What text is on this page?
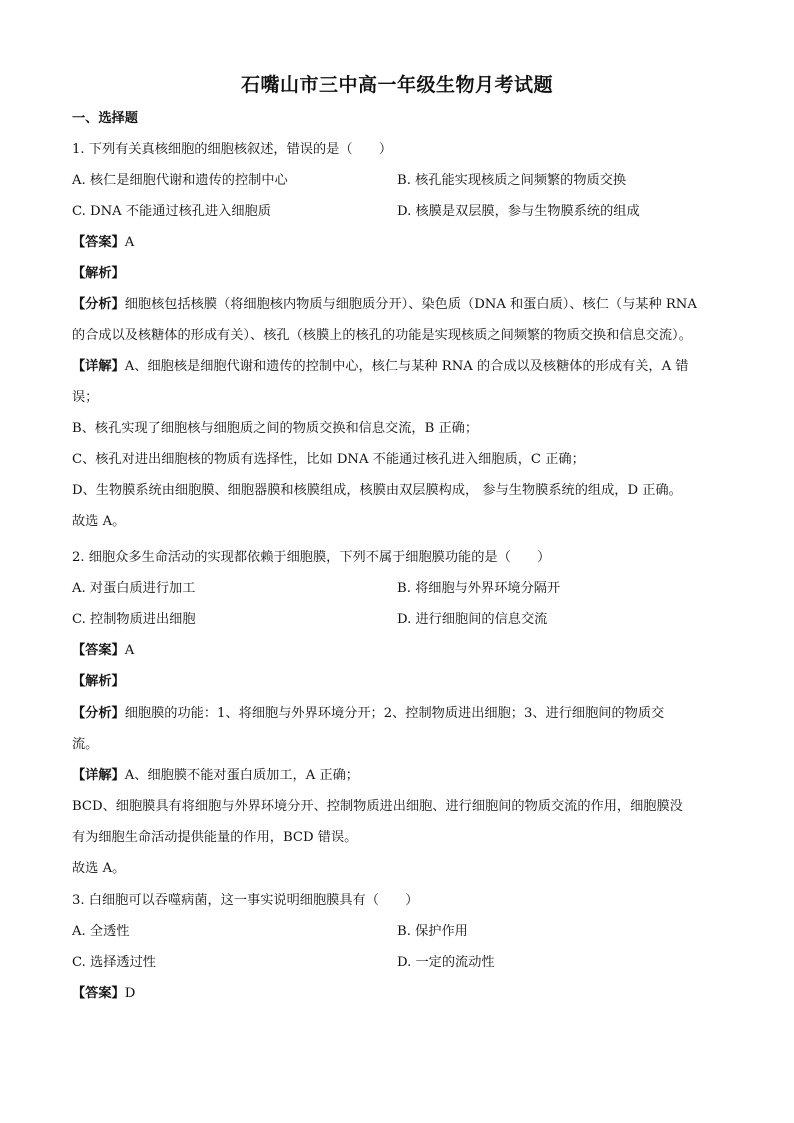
石嘴山市三中高一年级生物月考试题
一、选择题
1. 下列有关真核细胞的细胞核叙述，错误的是（　　）
A. 核仁是细胞代谢和遗传的控制中心	B. 核孔能实现核质之间频繁的物质交换
C. DNA 不能通过核孔进入细胞质	D. 核膜是双层膜，参与生物膜系统的组成
【答案】A
【解析】
【分析】细胞核包括核膜（将细胞核内物质与细胞质分开）、染色质（DNA 和蛋白质）、核仁（与某种 RNA
的合成以及核糖体的形成有关）、核孔（核膜上的核孔的功能是实现核质之间频繁的物质交换和信息交流）。
【详解】A、细胞核是细胞代谢和遗传的控制中心，核仁与某种 RNA 的合成以及核糖体的形成有关，A 错
误；
B、核孔实现了细胞核与细胞质之间的物质交换和信息交流，B 正确；
C、核孔对进出细胞核的物质有选择性，比如 DNA 不能通过核孔进入细胞质，C 正确；
D、生物膜系统由细胞膜、细胞器膜和核膜组成，核膜由双层膜构成， 参与生物膜系统的组成，D 正确。
故选 A。
2. 细胞众多生命活动的实现都依赖于细胞膜，下列不属于细胞膜功能的是（　　）
A. 对蛋白质进行加工	B. 将细胞与外界环境分隔开
C. 控制物质进出细胞	D. 进行细胞间的信息交流
【答案】A
【解析】
【分析】细胞膜的功能：1、将细胞与外界环境分开；2、控制物质进出细胞；3、进行细胞间的物质交
流。
【详解】A、细胞膜不能对蛋白质加工，A 正确；
BCD、细胞膜具有将细胞与外界环境分开、控制物质进出细胞、进行细胞间的物质交流的作用，细胞膜没
有为细胞生命活动提供能量的作用，BCD 错误。
故选 A。
3. 白细胞可以吞噬病菌，这一事实说明细胞膜具有（　　）
A. 全透性	B. 保护作用
C. 选择透过性	D. 一定的流动性
【答案】D
